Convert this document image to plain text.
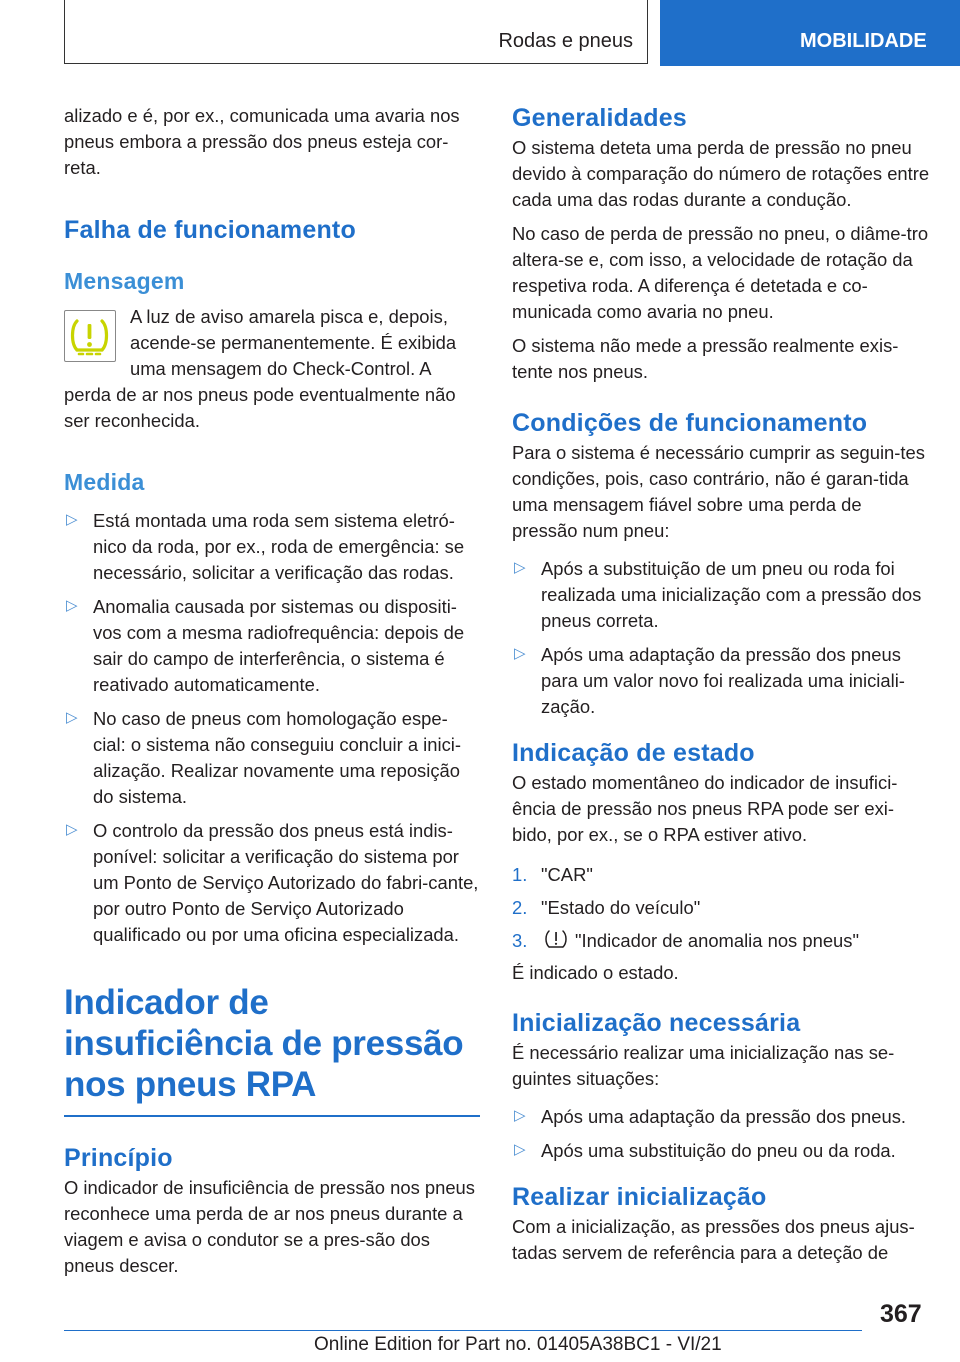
Rodas e pneus	MOBILIDADE

alizado e é, por ex., comunicada uma avaria nos pneus embora a pressão dos pneus esteja cor-reta.

Falha de funcionamento
Mensagem

A luz de aviso amarela pisca e, depois, acende-se permanentemente. É exibida uma mensagem do Check-Control. A perda de ar nos pneus pode eventualmente não ser reconhecida.

Medida
▷ Está montada uma roda sem sistema eletró-nico da roda, por ex., roda de emergência: se necessário, solicitar a verificação das rodas.
▷ Anomalia causada por sistemas ou dispositi-vos com a mesma radiofrequência: depois de sair do campo de interferência, o sistema é reativado automaticamente.
▷ No caso de pneus com homologação espe-cial: o sistema não conseguiu concluir a inici-alização. Realizar novamente uma reposição do sistema.
▷ O controlo da pressão dos pneus está indis-ponível: solicitar a verificação do sistema por um Ponto de Serviço Autorizado do fabri-cante, por outro Ponto de Serviço Autorizado qualificado ou por uma oficina especializada.
Indicador de insuficiência de pressão nos pneus RPA
Princípio

O indicador de insuficiência de pressão nos pneus reconhece uma perda de ar nos pneus durante a viagem e avisa o condutor se a pres-são dos pneus descer.

Generalidades

O sistema deteta uma perda de pressão no pneu devido à comparação do número de rotações entre cada uma das rodas durante a condução.

No caso de perda de pressão no pneu, o diâme-tro altera-se e, com isso, a velocidade de rotação da respetiva roda. A diferença é detetada e co-municada como avaria no pneu.

O sistema não mede a pressão realmente exis-tente nos pneus.

Condições de funcionamento

Para o sistema é necessário cumprir as seguin-tes condições, pois, caso contrário, não é garan-tida uma mensagem fiável sobre uma perda de pressão num pneu:

▷ Após a substituição de um pneu ou roda foi realizada uma inicialização com a pressão dos pneus correta.
▷ Após uma adaptação da pressão dos pneus para um valor novo foi realizada uma iniciali-zação.
Indicação de estado

O estado momentâneo do indicador de insufici-ência de pressão nos pneus RPA pode ser exi-bido, por ex., se o RPA estiver ativo.

1. "CAR"
2. "Estado do veículo"
3.	"Indicador de anomalia nos pneus"

É indicado o estado.

Inicialização necessária

É necessário realizar uma inicialização nas se-guintes situações:

▷ Após uma adaptação da pressão dos pneus.
▷ Após uma substituição do pneu ou da roda.
Realizar inicialização

Com a inicialização, as pressões dos pneus ajus-tadas servem de referência para a deteção de

367
Online Edition for Part no. 01405A38BC1 - VI/21
